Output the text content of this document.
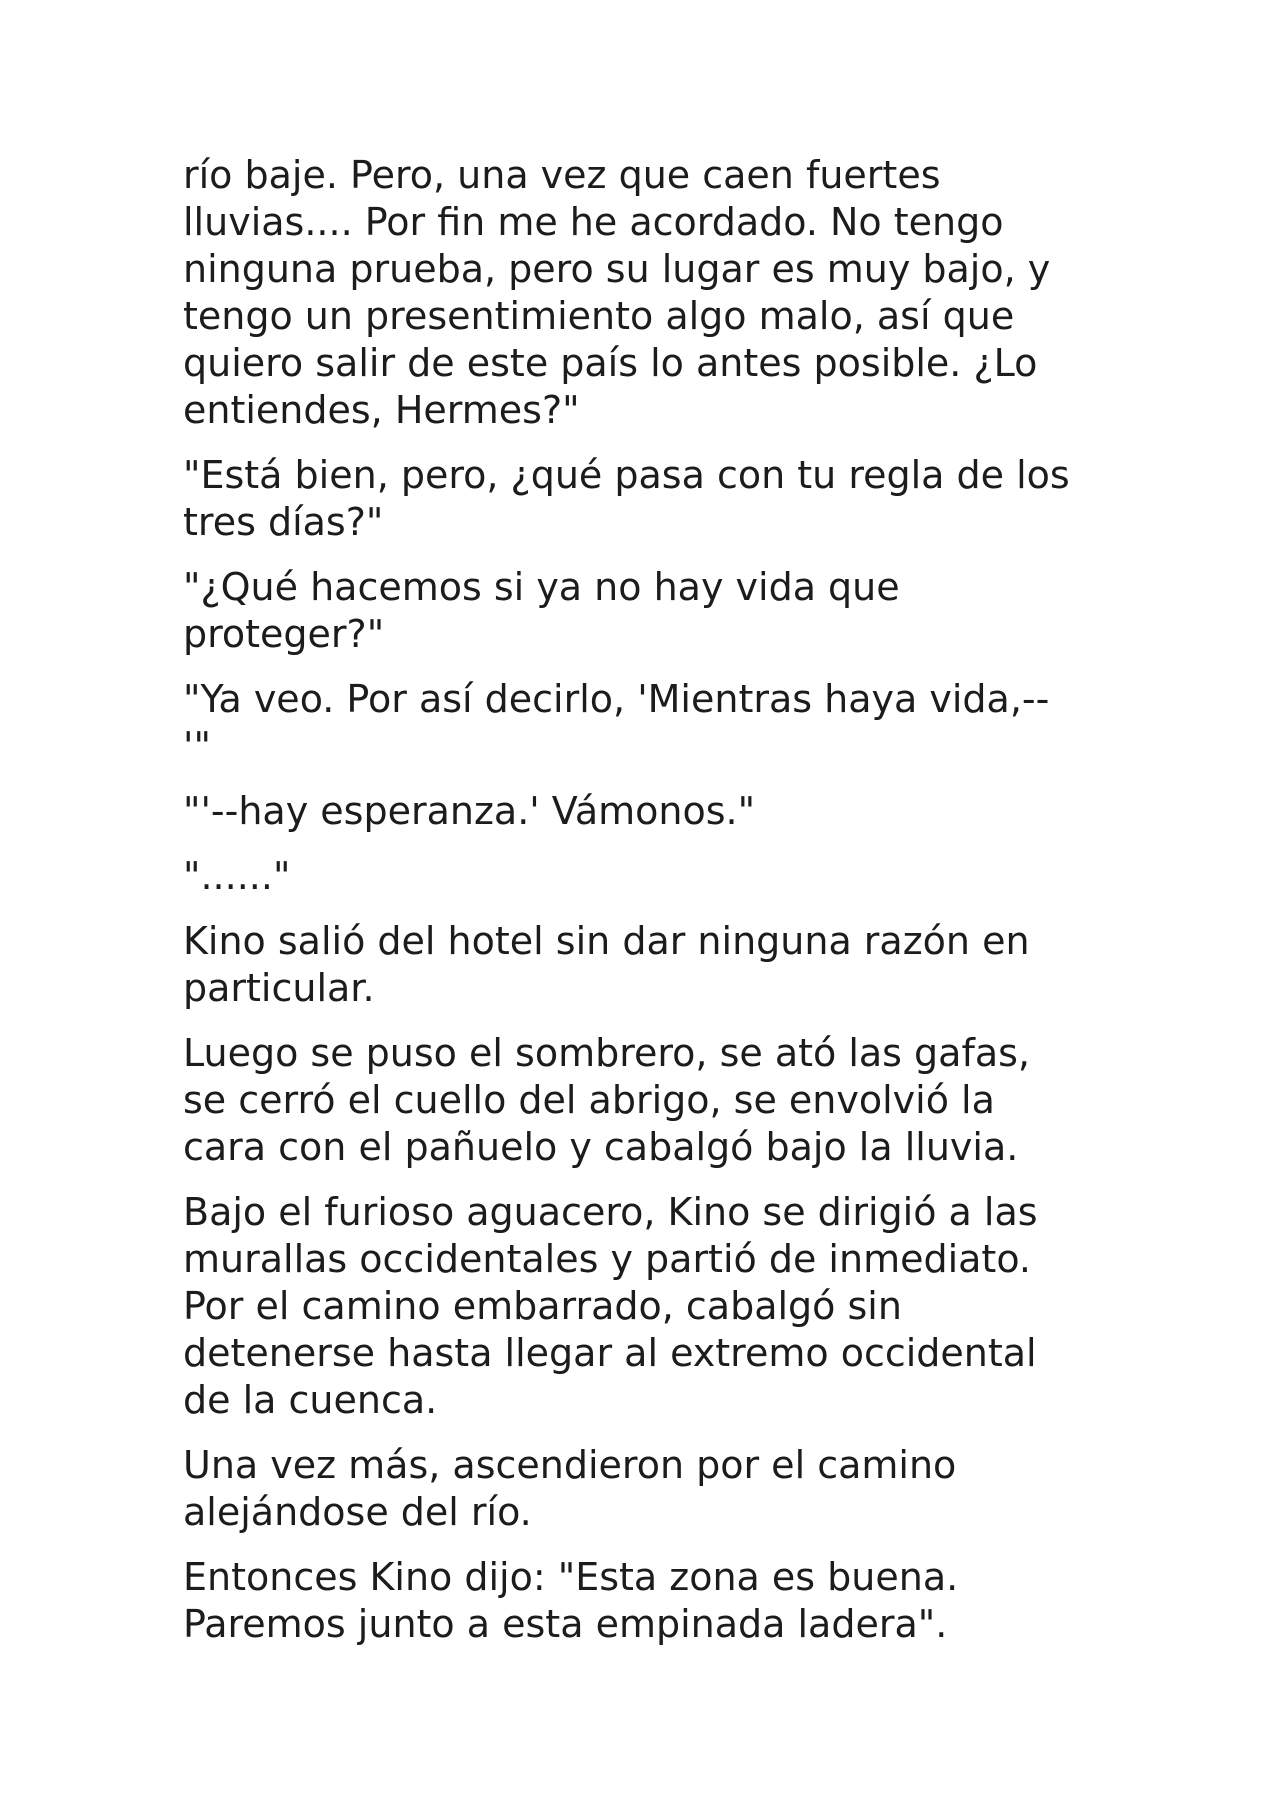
río baje. Pero, una vez que caen fuertes
lluvias.... Por fin me he acordado. No tengo
ninguna prueba, pero su lugar es muy bajo, y
tengo un presentimiento algo malo, así que
quiero salir de este país lo antes posible. ¿Lo
entiendes, Hermes?"

"Está bien, pero, ¿qué pasa con tu regla de los
tres días?"

"¿Qué hacemos si ya no hay vida que
proteger?"

"Ya veo. Por así decirlo, 'Mientras haya vida,--
'"

"'--hay esperanza.' Vámonos."

"......"

Kino salió del hotel sin dar ninguna razón en
particular.

Luego se puso el sombrero, se ató las gafas,
se cerró el cuello del abrigo, se envolvió la
cara con el pañuelo y cabalgó bajo la lluvia.

Bajo el furioso aguacero, Kino se dirigió a las
murallas occidentales y partió de inmediato.
Por el camino embarrado, cabalgó sin
detenerse hasta llegar al extremo occidental
de la cuenca.

Una vez más, ascendieron por el camino
alejándose del río.

Entonces Kino dijo: "Esta zona es buena.
Paremos junto a esta empinada ladera".
